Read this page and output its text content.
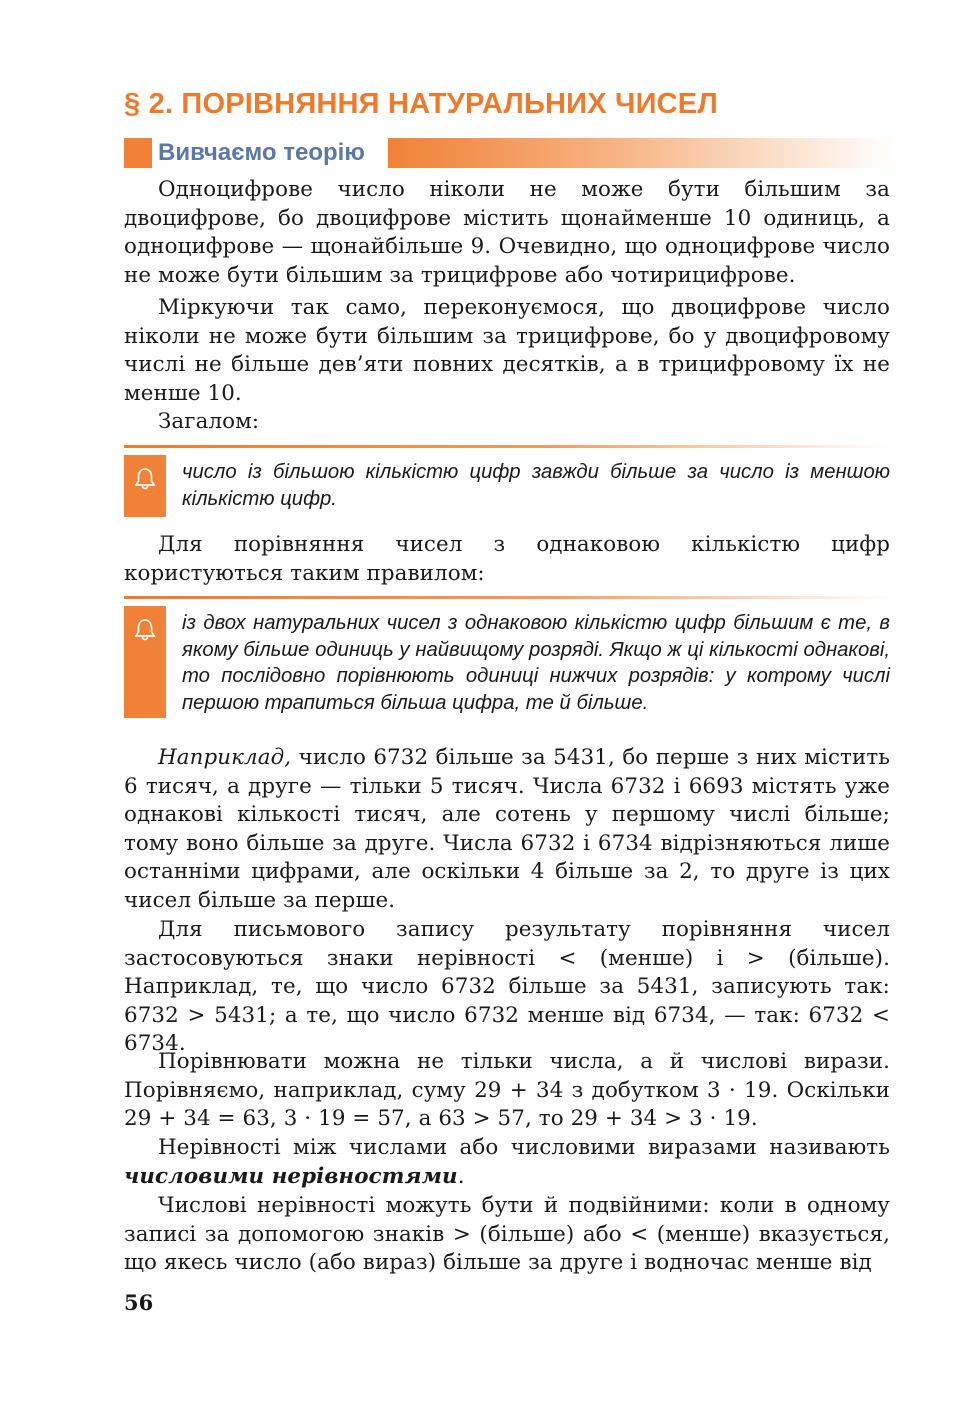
§ 2. ПОРІВНЯННЯ НАТУРАЛЬНИХ ЧИСЕЛ
Вивчаємо теорію

Одноцифрове число ніколи не може бути більшим за двоцифрове, бо двоцифрове містить щонайменше 10 одиниць, а одноцифрове — щонайбільше 9. Очевидно, що одноцифрове число не може бути більшим за трицифрове або чотирицифрове.

Міркуючи так само, переконуємося, що двоцифрове число ніколи не може бути більшим за трицифрове, бо у двоцифровому числі не більше дев’яти повних десятків, а в трицифровому їх не менше 10.

Загалом:

число із більшою кількістю цифр завжди більше за число із меншою кількістю цифр.

Для порівняння чисел з однаковою кількістю цифр користуються таким правилом:

із двох натуральних чисел з однаковою кількістю цифр більшим є те, в якому більше одиниць у найвищому розряді. Якщо ж ці кількості однакові, то послідовно порівнюють одиниці нижчих розрядів: у котрому числі першою трапиться більша цифра, те й більше.

Наприклад, число 6732 більше за 5431, бо перше з них містить 6 тисяч, а друге — тільки 5 тисяч. Числа 6732 і 6693 містять уже однакові кількості тисяч, але сотень у першому числі більше; тому воно більше за друге. Числа 6732 і 6734 відрізняються лише останніми цифрами, але оскільки 4 більше за 2, то друге із цих чисел більше за перше.

Для письмового запису результату порівняння чисел застосовуються знаки нерівності < (менше) і > (більше). Наприклад, те, що число 6732 більше за 5431, записують так: 6732 > 5431; а те, що число 6732 менше від 6734, — так: 6732 < 6734.

Порівнювати можна не тільки числа, а й числові вирази. Порівняємо, наприклад, суму 29 + 34 з добутком 3 · 19. Оскільки 29 + 34 = 63, 3 · 19 = 57, а 63 > 57, то 29 + 34 > 3 · 19.

Нерівності між числами або числовими виразами називають числовими нерівностями.

Числові нерівності можуть бути й подвійними: коли в одному записі за допомогою знаків > (більше) або < (менше) вказується, що якесь число (або вираз) більше за друге і водночас менше від

56
